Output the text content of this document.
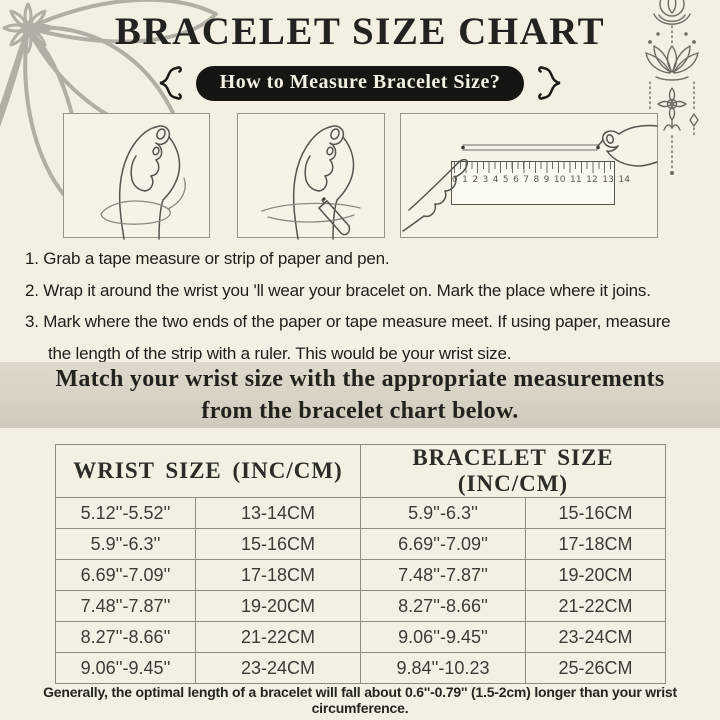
BRACELET SIZE CHART
How to Measure Bracelet Size?
0 1 2 3 4 5 6 7 8 9 10 11 12 13 14
1. Grab a tape measure or strip of paper and pen.
2. Wrap it around the wrist you 'll wear your bracelet on. Mark the place where it joins.
3. Mark where the two ends of the paper or tape measure meet. If using paper, measure the length of the strip with a ruler. This would be your wrist size.
Match your wrist size with the appropriate measurements from the bracelet chart below.
WRIST SIZE (INC/CM)		BRACELET SIZE (INC/CM)	
5.12''-5.52''	13-14CM	5.9''-6.3''	15-16CM
5.9''-6.3''	15-16CM	6.69''-7.09''	17-18CM
6.69''-7.09''	17-18CM	7.48''-7.87''	19-20CM
7.48''-7.87''	19-20CM	8.27''-8.66''	21-22CM
8.27''-8.66''	21-22CM	9.06''-9.45''	23-24CM
9.06''-9.45''	23-24CM	9.84''-10.23	25-26CM
Generally, the optimal length of a bracelet will fall about 0.6''-0.79'' (1.5-2cm) longer than your wrist circumference.
